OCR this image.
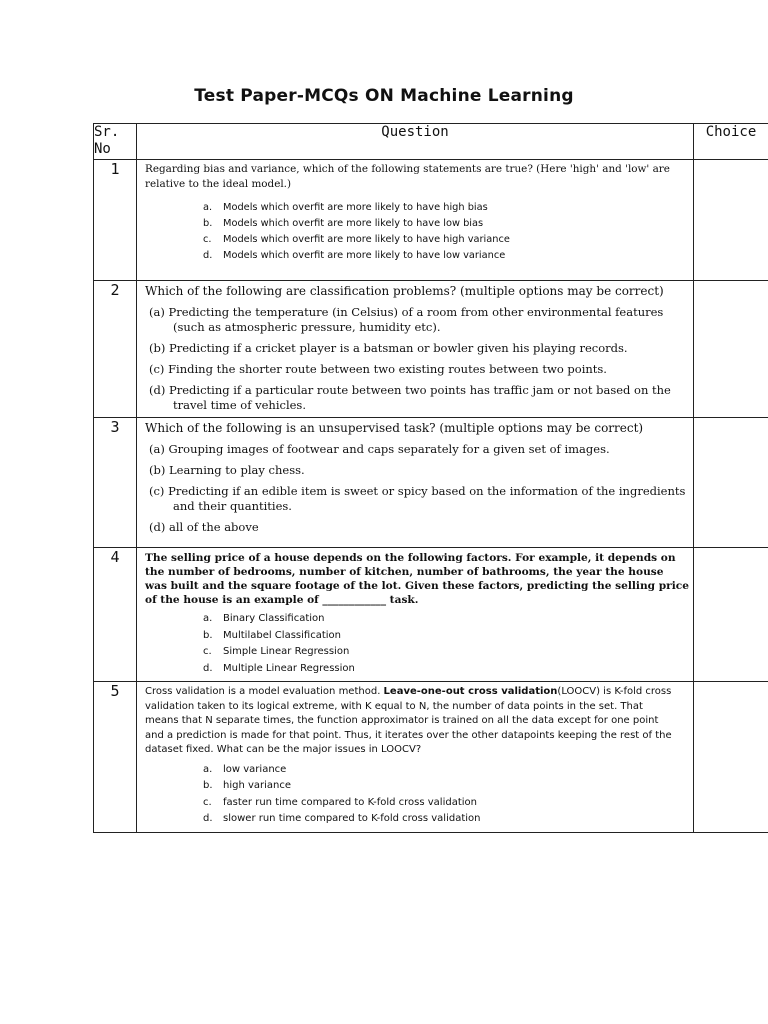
Test Paper-MCQs ON Machine Learning
Sr. No	Question	Choice
1	Regarding bias and variance, which of the following statements are true? (Here 'high' and 'low' are relative to the ideal model.)
a. Models which overfit are more likely to have high bias
b. Models which overfit are more likely to have low bias
c. Models which overfit are more likely to have high variance
d. Models which overfit are more likely to have low variance	

2	Which of the following are classification problems? (multiple options may be correct)
(a) Predicting the temperature (in Celsius) of a room from other environmental features (such as atmospheric pressure, humidity etc).
(b) Predicting if a cricket player is a batsman or bowler given his playing records.
(c) Finding the shorter route between two existing routes between two points.
(d) Predicting if a particular route between two points has traffic jam or not based on the travel time of vehicles.	

3	Which of the following is an unsupervised task? (multiple options may be correct)
(a) Grouping images of footwear and caps separately for a given set of images.
(b) Learning to play chess.
(c) Predicting if an edible item is sweet or spicy based on the information of the ingredients and their quantities.
(d) all of the above	

4	The selling price of a house depends on the following factors. For example, it depends on the number of bedrooms, number of kitchen, number of bathrooms, the year the house was built and the square footage of the lot. Given these factors, predicting the selling price of the house is an example of ____________ task.
a. Binary Classification
b. Multilabel Classification
c. Simple Linear Regression
d. Multiple Linear Regression	

5	Cross validation is a model evaluation method. Leave-one-out cross validation(LOOCV) is K-fold cross validation taken to its logical extreme, with K equal to N, the number of data points in the set. That means that N separate times, the function approximator is trained on all the data except for one point and a prediction is made for that point. Thus, it iterates over the other datapoints keeping the rest of the dataset fixed. What can be the major issues in LOOCV?
a. low variance
b. high variance
c. faster run time compared to K-fold cross validation
d. slower run time compared to K-fold cross validation	
